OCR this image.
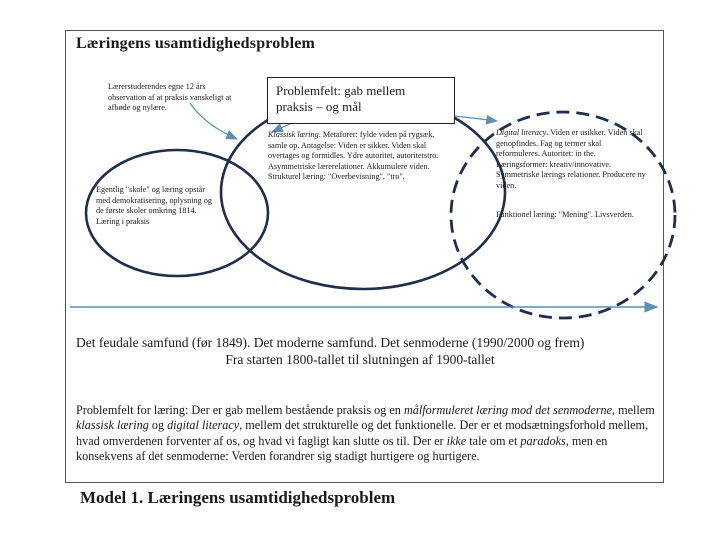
Læringens usamtidighedsproblem
Lærerstuderendes egne 12 års observation af at praksis vanskeligt at afbøde og nylære.
Problemfelt: gab mellem
praksis – og mål
Egentlig "skole" og læring opstår med demokratisering, oplysning og de første skoler omkring 1814. Læring i praksis
Klassisk læring. Metaforer: fylde viden på rygsæk, samle op. Antagelse: Viden er sikker. Viden skal overtages og formidles. Ydre autoritet, autoritetstro. Asymmetriske lærerelationer. Akkumulere viden. Strukturel læring: "Overbevisning", "tro".
Digital literacy. Viden er usikker. Viden skal genopfindes. Fag og termer skal reformuleres. Autoritet: in the. Læringsformer: kreativ/innovative. Symmetriske lærings relationer. Producere ny viden.
Funktionel læring: "Mening". Livsverden.
Det feudale samfund (før 1849). Det moderne samfund. Det senmoderne (1990/2000 og frem)
Fra starten 1800-tallet til slutningen af 1900-tallet
Problemfelt for læring: Der er gab mellem bestående praksis og en målformuleret læring mod det senmoderne, mellem klassisk læring og digital literacy, mellem det strukturelle og det funktionelle. Der er et modsætningsforhold mellem, hvad omverdenen forventer af os, og hvad vi fagligt kan slutte os til. Der er ikke tale om et paradoks, men en konsekvens af det senmoderne: Verden forandrer sig stadigt hurtigere og hurtigere.
Model 1. Læringens usamtidighedsproblem
